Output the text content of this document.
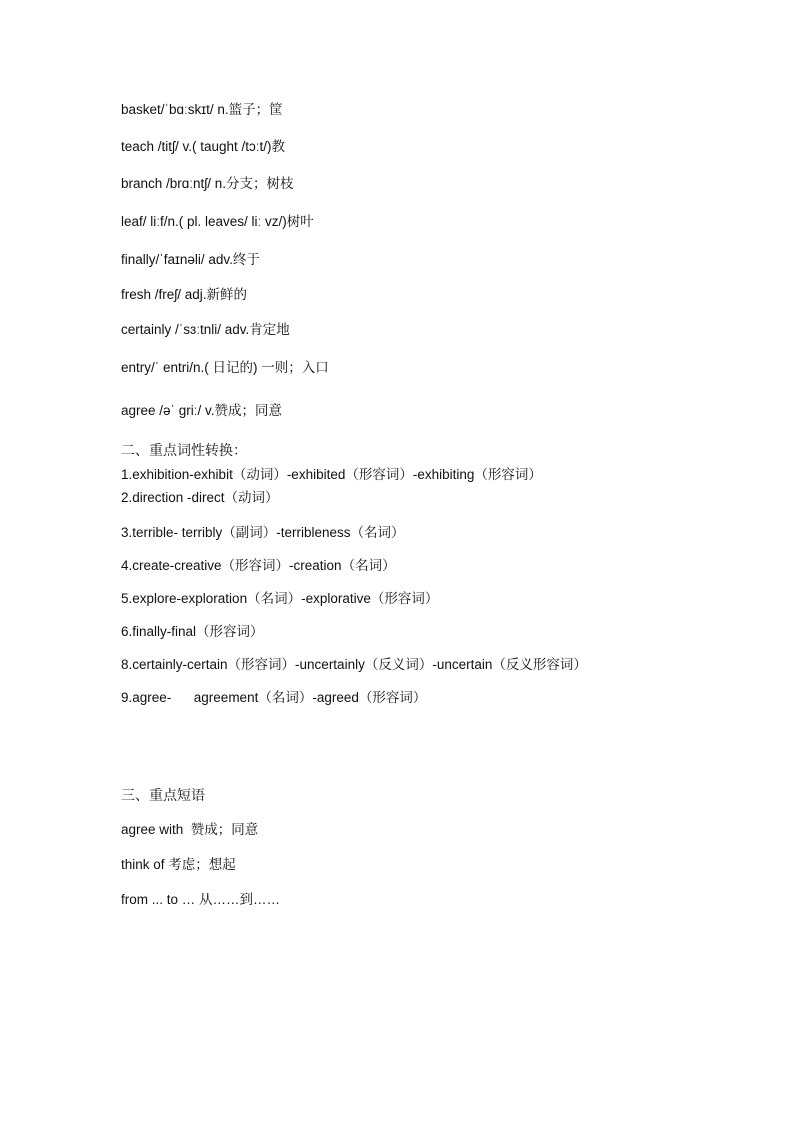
basket/ˈbɑːskɪt/ n.篮子；筐
teach /titʃ/ v.( taught /tɔːt/)教
branch /brɑːntʃ/ n.分支；树枝
leaf/ liːf/n.( pl. leaves/ liː vz/)树叶
finally/ˈfaɪnəli/ adv.终于
fresh /freʃ/ adj.新鲜的
certainly /ˈsɜːtnli/ adv.肯定地
entry/ˈ entri/n.( 日记的) 一则；入口
agree /əˈ griː/ v.赞成；同意
二、重点词性转换：
1.exhibition-exhibit（动词）-exhibited（形容词）-exhibiting（形容词）
2.direction -direct（动词）
3.terrible- terribly（副词）-terribleness（名词）
4.create-creative（形容词）-creation（名词）
5.explore-exploration（名词）-explorative（形容词）
6.finally-final（形容词）
8.certainly-certain（形容词）-uncertainly（反义词）-uncertain（反义形容词）
9.agree-      agreement（名词）-agreed（形容词）
三、重点短语
agree with  赞成；同意
think of 考虑；想起
from ... to … 从……到……
